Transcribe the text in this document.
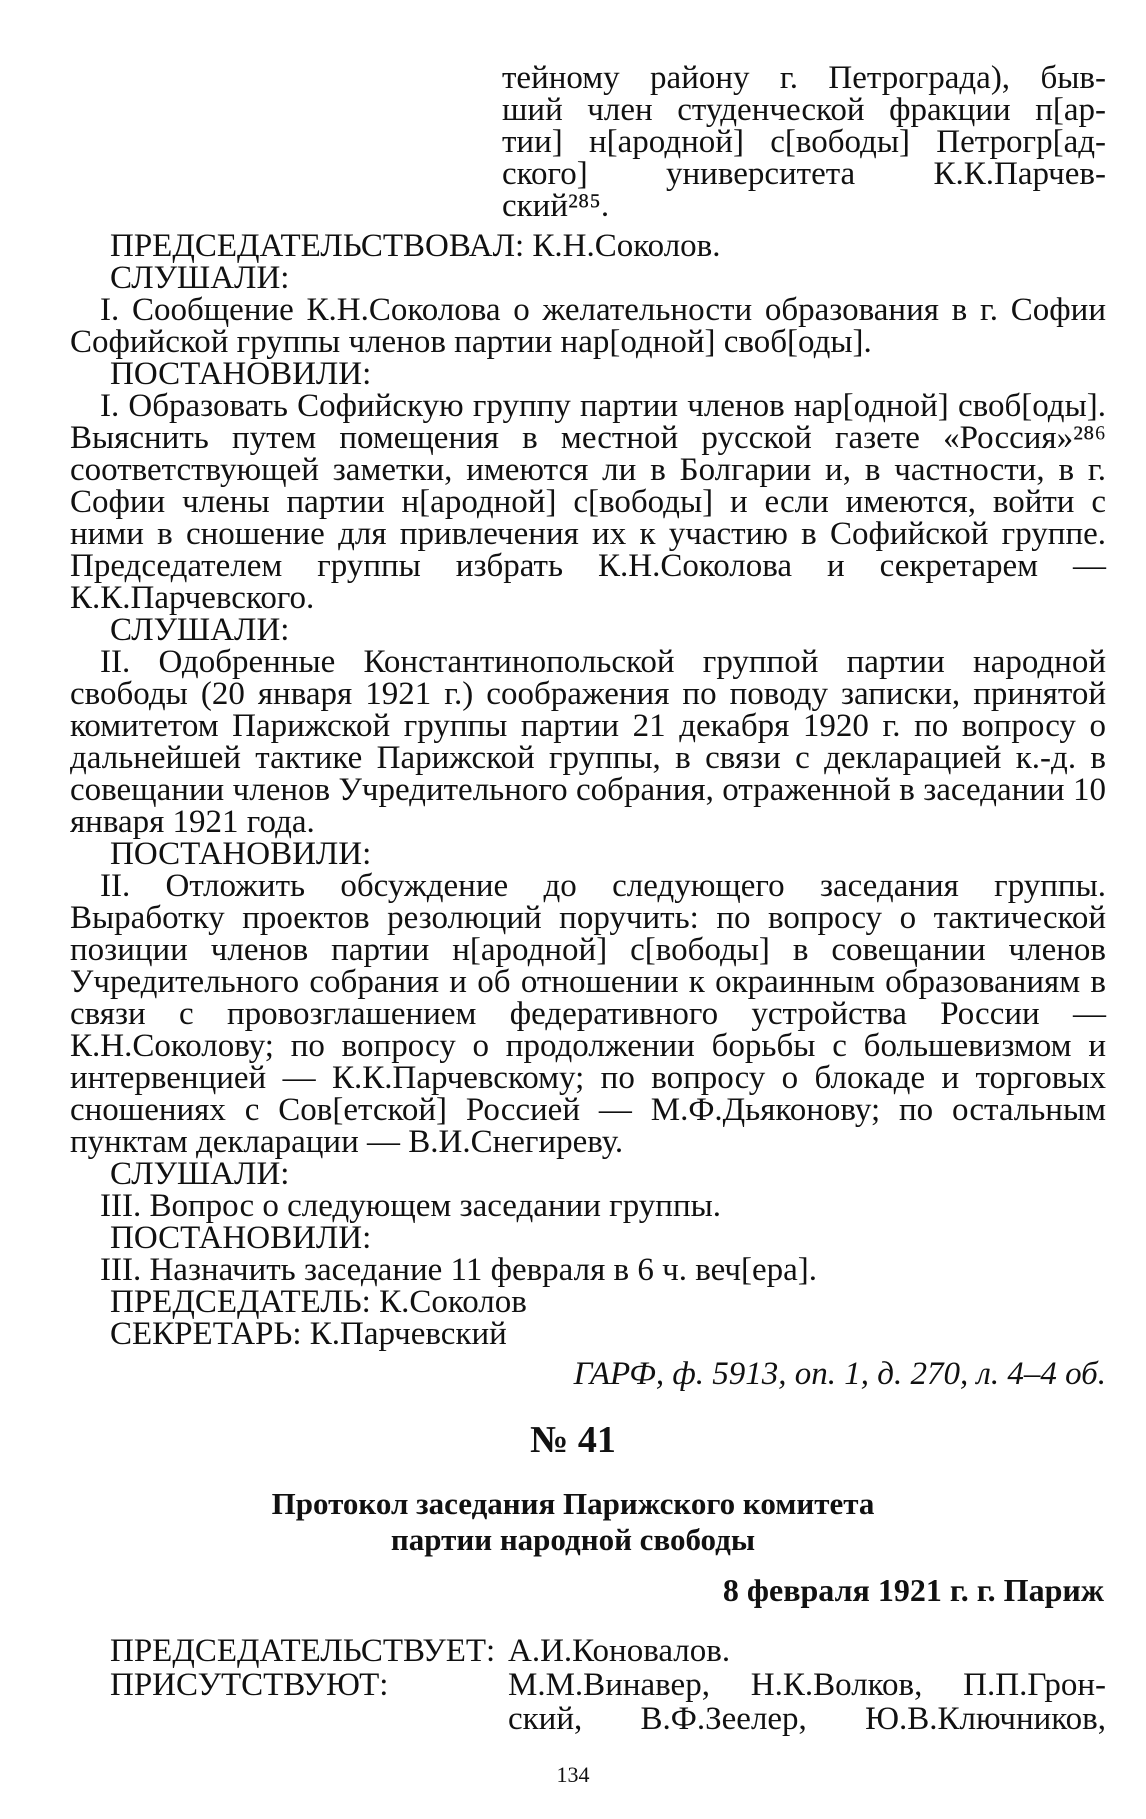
тейному району г. Петрограда), быв-
ший член студенческой фракции п[ар-
тии] н[ародной] с[вободы] Петрогр[ад-
ского] университета К.К.Парчев-
ский²⁸⁵.
ПРЕДСЕДАТЕЛЬСТВОВАЛ: К.Н.Соколов.
СЛУШАЛИ:

I. Сообщение К.Н.Соколова о желательности образования в г. Софии Софийской группы членов партии нар[одной] своб[оды].

ПОСТАНОВИЛИ:

I. Образовать Софийскую группу партии членов нар[одной] своб[оды]. Выяснить путем помещения в местной русской газете «Россия»²⁸⁶ соответствующей заметки, имеются ли в Болгарии и, в частности, в г. Софии члены партии н[ародной] с[вободы] и если имеются, войти с ними в сношение для привлечения их к участию в Софийской группе. Председателем группы избрать К.Н.Соколова и секретарем — К.К.Парчевского.

СЛУШАЛИ:

II. Одобренные Константинопольской группой партии народной свободы (20 января 1921 г.) соображения по поводу записки, принятой комитетом Парижской группы партии 21 декабря 1920 г. по вопросу о дальнейшей тактике Парижской группы, в связи с декларацией к.-д. в совещании членов Учредительного собрания, отраженной в заседании 10 января 1921 года.

ПОСТАНОВИЛИ:

II. Отложить обсуждение до следующего заседания группы. Выработку проектов резолюций поручить: по вопросу о тактической позиции членов партии н[ародной] с[вободы] в совещании членов Учредительного собрания и об отношении к окраинным образованиям в связи с провозглашением федеративного устройства России — К.Н.Соколову; по вопросу о продолжении борьбы с большевизмом и интервенцией — К.К.Парчевскому; по вопросу о блокаде и торговых сношениях с Сов[етской] Россией — М.Ф.Дьяконову; по остальным пунктам декларации — В.И.Снегиреву.

СЛУШАЛИ:

III. Вопрос о следующем заседании группы.

ПОСТАНОВИЛИ:

III. Назначить заседание 11 февраля в 6 ч. веч[ера].

ПРЕДСЕДАТЕЛЬ: К.Соколов
СЕКРЕТАРЬ: К.Парчевский
ГАРФ, ф. 5913, оп. 1, д. 270, л. 4–4 об.
№ 41
Протокол заседания Парижского комитета
партии народной свободы
8 февраля 1921 г. г. Париж
ПРЕДСЕДАТЕЛЬСТВУЕТ: А.И.Коновалов.
ПРИСУТСТВУЮТ:	М.М.Винавер, Н.К.Волков, П.П.Грон-
ский, В.Ф.Зеелер, Ю.В.Ключников,
134
